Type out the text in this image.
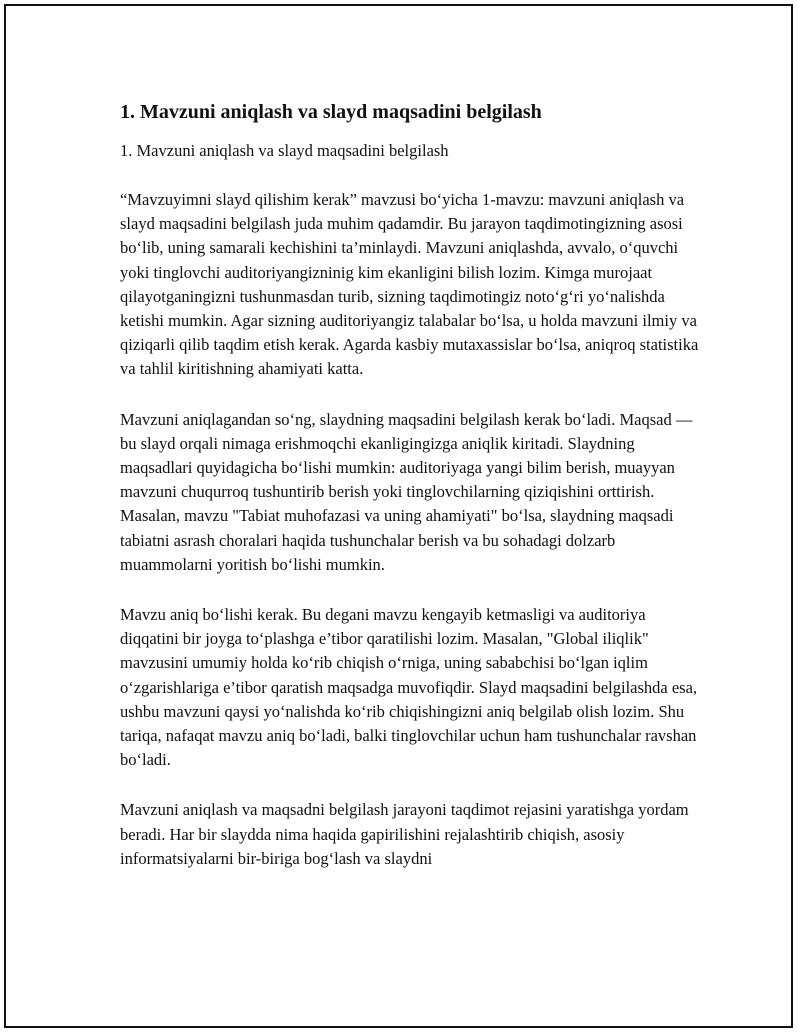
1. Mavzuni aniqlash va slayd maqsadini belgilash

1. Mavzuni aniqlash va slayd maqsadini belgilash

“Mavzuyimni slayd qilishim kerak” mavzusi bo‘yicha 1-mavzu: mavzuni aniqlash va slayd maqsadini belgilash juda muhim qadamdir. Bu jarayon taqdimotingizning asosi bo‘lib, uning samarali kechishini ta’minlaydi. Mavzuni aniqlashda, avvalo, o‘quvchi yoki tinglovchi auditoriyangizninig kim ekanligini bilish lozim. Kimga murojaat qilayotganingizni tushunmasdan turib, sizning taqdimotingiz noto‘g‘ri yo‘nalishda ketishi mumkin. Agar sizning auditoriyangiz talabalar bo‘lsa, u holda mavzuni ilmiy va qiziqarli qilib taqdim etish kerak. Agarda kasbiy mutaxassislar bo‘lsa, aniqroq statistika va tahlil kiritishning ahamiyati katta.

Mavzuni aniqlagandan so‘ng, slaydning maqsadini belgilash kerak bo‘ladi. Maqsad — bu slayd orqali nimaga erishmoqchi ekanligingizga aniqlik kiritadi. Slaydning maqsadlari quyidagicha bo‘lishi mumkin: auditoriyaga yangi bilim berish, muayyan mavzuni chuqurroq tushuntirib berish yoki tinglovchilarning qiziqishini orttirish. Masalan, mavzu "Tabiat muhofazasi va uning ahamiyati" bo‘lsa, slaydning maqsadi tabiatni asrash choralari haqida tushunchalar berish va bu sohadagi dolzarb muammolarni yoritish bo‘lishi mumkin.

Mavzu aniq bo‘lishi kerak. Bu degani mavzu kengayib ketmasligi va auditoriya diqqatini bir joyga to‘plashga e’tibor qaratilishi lozim. Masalan, "Global iliqlik" mavzusini umumiy holda ko‘rib chiqish o‘rniga, uning sababchisi bo‘lgan iqlim o‘zgarishlariga e’tibor qaratish maqsadga muvofiqdir. Slayd maqsadini belgilashda esa, ushbu mavzuni qaysi yo‘nalishda ko‘rib chiqishingizni aniq belgilab olish lozim. Shu tariqa, nafaqat mavzu aniq bo‘ladi, balki tinglovchilar uchun ham tushunchalar ravshan bo‘ladi.

Mavzuni aniqlash va maqsadni belgilash jarayoni taqdimot rejasini yaratishga yordam beradi. Har bir slaydda nima haqida gapirilishini rejalashtirib chiqish, asosiy informatsiyalarni bir-biriga bog‘lash va slaydni
